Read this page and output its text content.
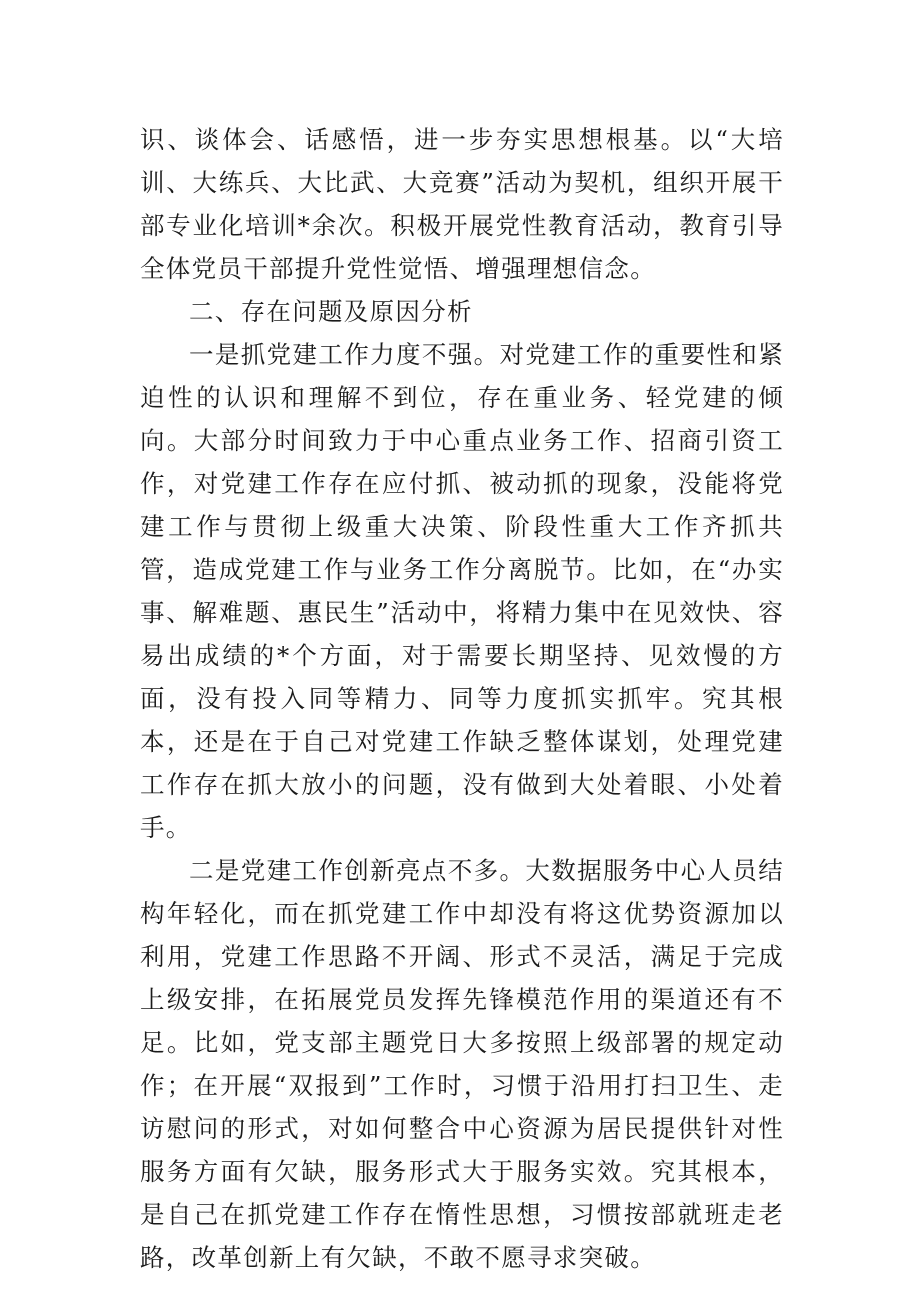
识、谈体会、话感悟，进一步夯实思想根基。以“大培训、大练兵、大比武、大竞赛”活动为契机，组织开展干部专业化培训*余次。积极开展党性教育活动，教育引导全体党员干部提升党性觉悟、增强理想信念。

二、存在问题及原因分析

一是抓党建工作力度不强。对党建工作的重要性和紧迫性的认识和理解不到位，存在重业务、轻党建的倾向。大部分时间致力于中心重点业务工作、招商引资工作，对党建工作存在应付抓、被动抓的现象，没能将党建工作与贯彻上级重大决策、阶段性重大工作齐抓共管，造成党建工作与业务工作分离脱节。比如，在“办实事、解难题、惠民生”活动中，将精力集中在见效快、容易出成绩的*个方面，对于需要长期坚持、见效慢的方面，没有投入同等精力、同等力度抓实抓牢。究其根本，还是在于自己对党建工作缺乏整体谋划，处理党建工作存在抓大放小的问题，没有做到大处着眼、小处着手。

二是党建工作创新亮点不多。大数据服务中心人员结构年轻化，而在抓党建工作中却没有将这优势资源加以利用，党建工作思路不开阔、形式不灵活，满足于完成上级安排，在拓展党员发挥先锋模范作用的渠道还有不足。比如，党支部主题党日大多按照上级部署的规定动作；在开展“双报到”工作时，习惯于沿用打扫卫生、走访慰问的形式，对如何整合中心资源为居民提供针对性服务方面有欠缺，服务形式大于服务实效。究其根本，是自己在抓党建工作存在惰性思想，习惯按部就班走老路，改革创新上有欠缺，不敢不愿寻求突破。
